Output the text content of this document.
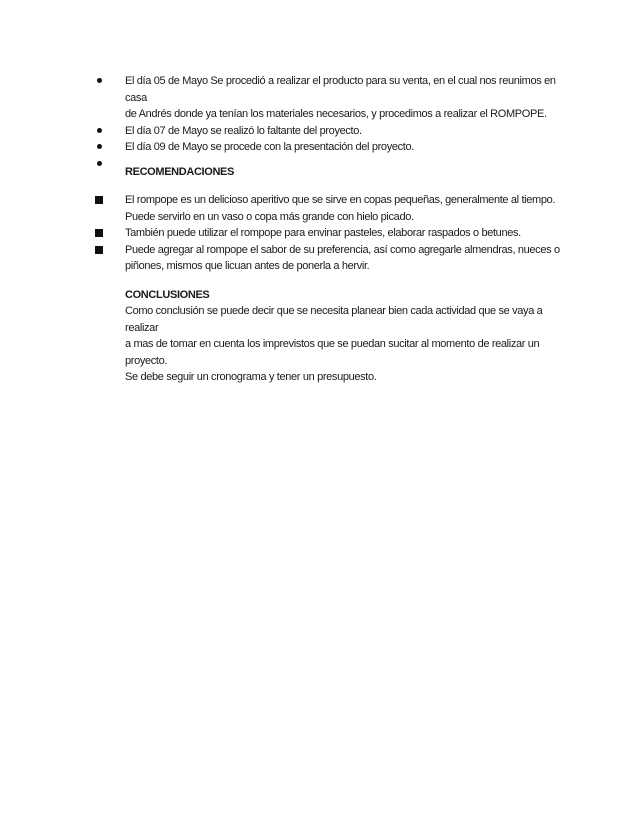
El día 05 de Mayo Se procedió a realizar el producto para su venta, en el cual nos reunimos en casa
de Andrés donde ya tenían los materiales necesarios, y procedimos a realizar el ROMPOPE.
El día 07 de Mayo se realizó lo faltante del proyecto.
El día 09 de Mayo se procede con la presentación del proyecto.
RECOMENDACIONES
El rompope es un delicioso aperitivo que se sirve en copas pequeñas, generalmente al tiempo.
Puede servirlo en un vaso o copa más grande con hielo picado.
También puede utilizar el rompope para envinar pasteles, elaborar raspados o betunes.
Puede agregar al rompope el sabor de su preferencia, así como agregarle almendras, nueces o
piñones, mismos que licuan antes de ponerla a hervir.
CONCLUSIONES
Como conclusión se puede decir que se necesita planear bien cada actividad que se vaya a realizar
a mas de tomar en cuenta los imprevistos que se puedan sucitar al momento de realizar un proyecto.
Se debe seguir un cronograma y tener un presupuesto.
